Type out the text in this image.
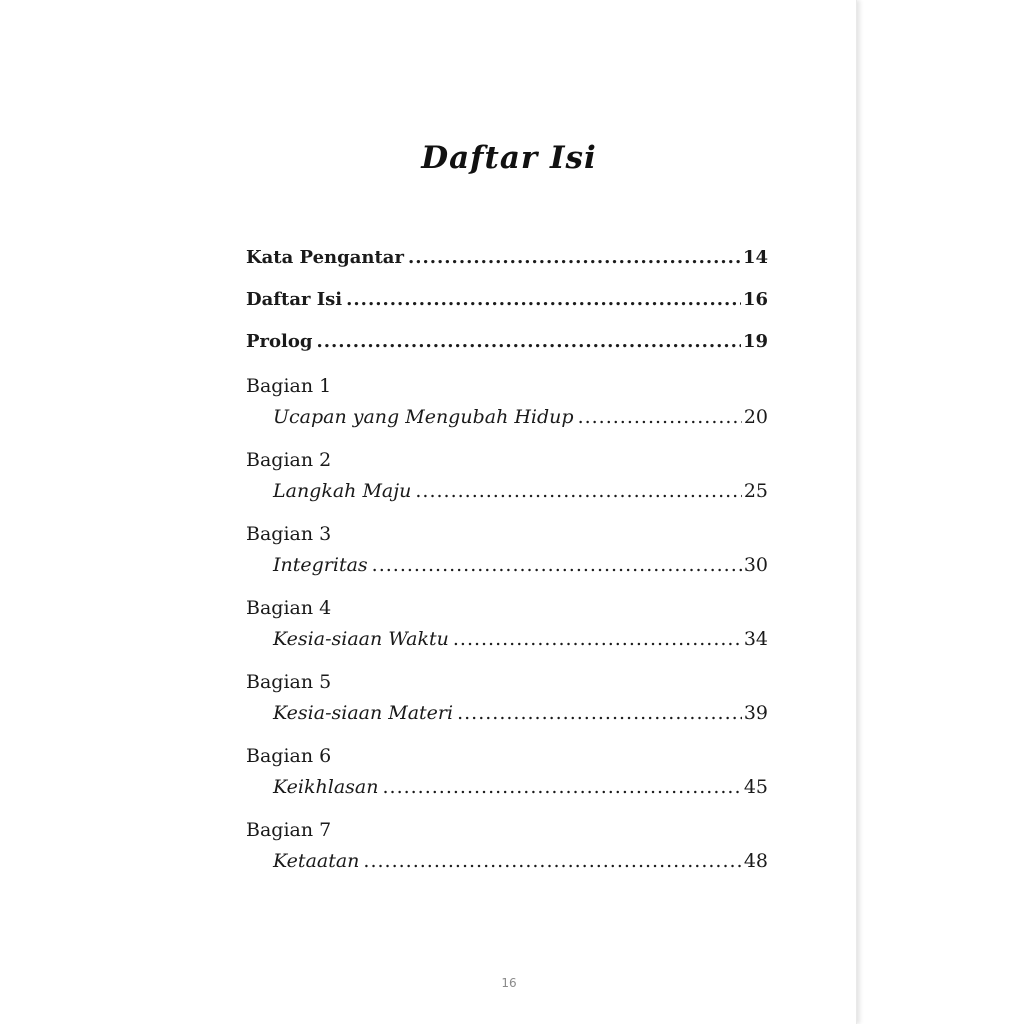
Daftar Isi
Kata Pengantar .....	14
Daftar Isi .....	16
Prolog .....	19
Bagian 1
Ucapan yang Mengubah Hidup .....	20
Bagian 2
Langkah Maju .....	25
Bagian 3
Integritas .....	30
Bagian 4
Kesia-siaan Waktu .....	34
Bagian 5
Kesia-siaan Materi .....	39
Bagian 6
Keikhlasan .....	45
Bagian 7
Ketaatan .....	48
16
